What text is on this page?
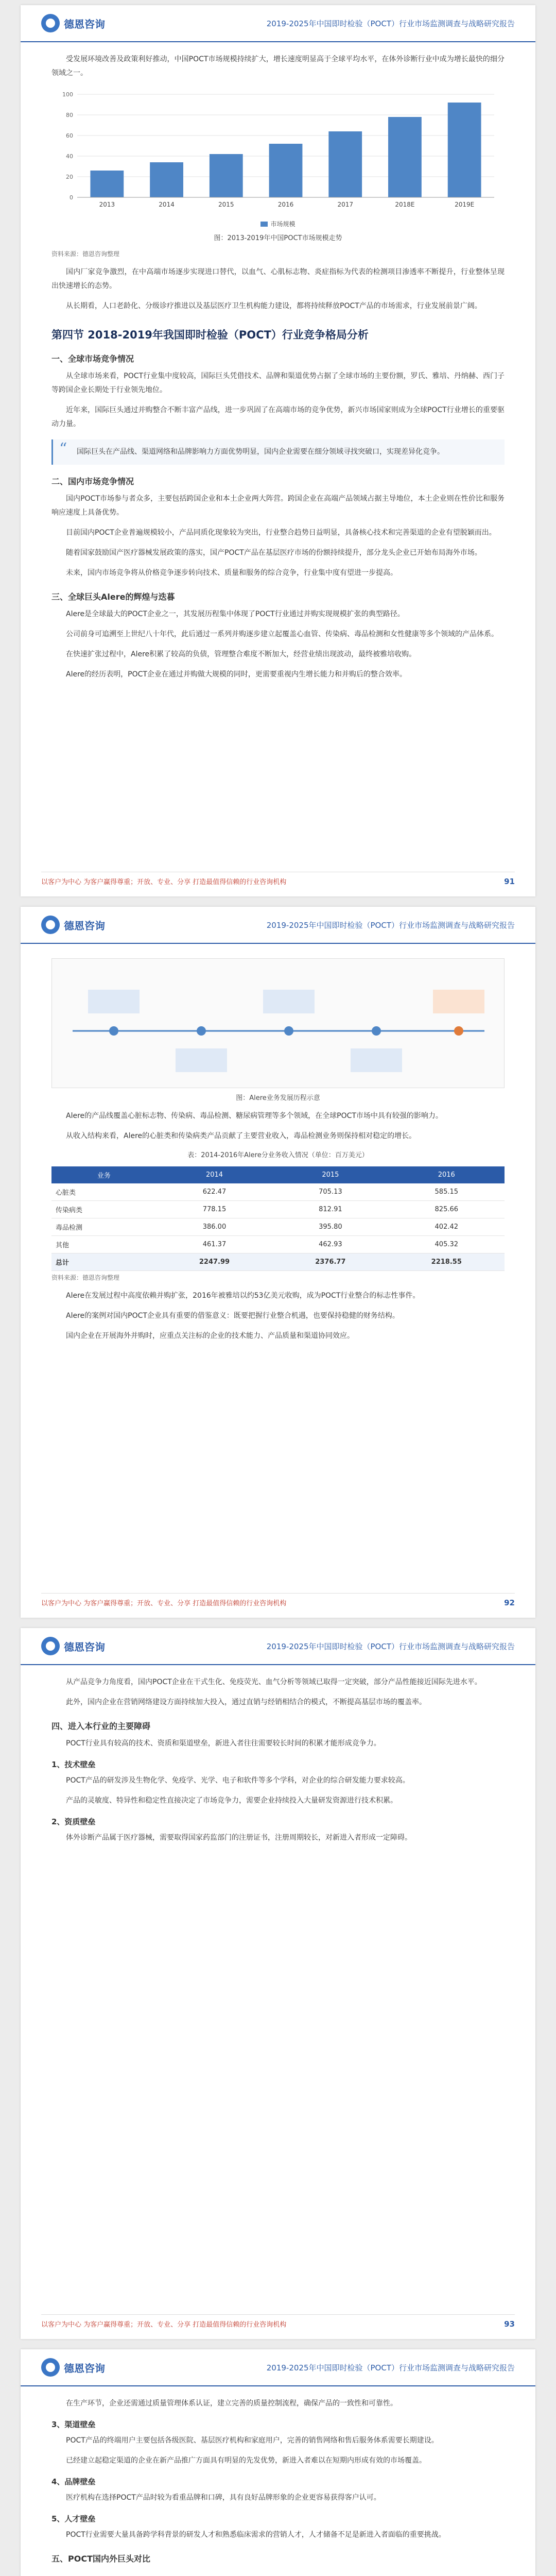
德恩咨询	2019-2025年中国即时检验（POCT）行业市场监测调查与战略研究报告

受发展环境改善及政策利好推动，中国POCT市场规模持续扩大，增长速度明显高于全球平均水平，在体外诊断行业中成为增长最快的细分领域之一。

0
20
40
60
80
100
2013	2014	2015	2016	2017	2018E	2019E
市场规模
图：2013-2019年中国POCT市场规模走势
资料来源：德恩咨询整理

国内厂家竞争激烈，在中高端市场逐步实现进口替代，以血气、心肌标志物、炎症指标为代表的检测项目渗透率不断提升，行业整体呈现出快速增长的态势。

从长期看，人口老龄化、分级诊疗推进以及基层医疗卫生机构能力建设，都将持续释放POCT产品的市场需求，行业发展前景广阔。

第四节 2018-2019年我国即时检验（POCT）行业竞争格局分析
一、全球市场竞争情况

从全球市场来看，POCT行业集中度较高，国际巨头凭借技术、品牌和渠道优势占据了全球市场的主要份额，罗氏、雅培、丹纳赫、西门子等跨国企业长期处于行业领先地位。

近年来，国际巨头通过并购整合不断丰富产品线，进一步巩固了在高端市场的竞争优势，新兴市场国家则成为全球POCT行业增长的重要驱动力量。

“ 国际巨头在产品线、渠道网络和品牌影响力方面优势明显，国内企业需要在细分领域寻找突破口，实现差异化竞争。
二、国内市场竞争情况

国内POCT市场参与者众多，主要包括跨国企业和本土企业两大阵营。跨国企业在高端产品领域占据主导地位，本土企业则在性价比和服务响应速度上具备优势。

目前国内POCT企业普遍规模较小，产品同质化现象较为突出，行业整合趋势日益明显，具备核心技术和完善渠道的企业有望脱颖而出。

随着国家鼓励国产医疗器械发展政策的落实，国产POCT产品在基层医疗市场的份额持续提升，部分龙头企业已开始布局海外市场。

未来，国内市场竞争将从价格竞争逐步转向技术、质量和服务的综合竞争，行业集中度有望进一步提高。

三、全球巨头Alere的辉煌与迭暮

Alere是全球最大的POCT企业之一，其发展历程集中体现了POCT行业通过并购实现规模扩张的典型路径。

公司前身可追溯至上世纪八十年代，此后通过一系列并购逐步建立起覆盖心血管、传染病、毒品检测和女性健康等多个领域的产品体系。

在快速扩张过程中，Alere积累了较高的负债，管理整合难度不断加大，经营业绩出现波动，最终被雅培收购。

Alere的经历表明，POCT企业在通过并购做大规模的同时，更需要重视内生增长能力和并购后的整合效率。

以客户为中心 为客户赢得尊重；开放、专业、分享 打造最值得信赖的行业咨询机构	91
德恩咨询	2019-2025年中国即时检验（POCT）行业市场监测调查与战略研究报告
图：Alere业务发展历程示意

Alere的产品线覆盖心脏标志物、传染病、毒品检测、糖尿病管理等多个领域，在全球POCT市场中具有较强的影响力。

从收入结构来看，Alere的心脏类和传染病类产品贡献了主要营业收入，毒品检测业务则保持相对稳定的增长。

表：2014-2016年Alere分业务收入情况（单位：百万美元）
业务	2014	2015	2016
心脏类	622.47	705.13	585.15
传染病类	778.15	812.91	825.66
毒品检测	386.00	395.80	402.42
其他	461.37	462.93	405.32
总计	2247.99	2376.77	2218.55
资料来源：德恩咨询整理

Alere在发展过程中高度依赖并购扩张，2016年被雅培以约53亿美元收购，成为POCT行业整合的标志性事件。

Alere的案例对国内POCT企业具有重要的借鉴意义：既要把握行业整合机遇，也要保持稳健的财务结构。

国内企业在开展海外并购时，应重点关注标的企业的技术能力、产品质量和渠道协同效应。

以客户为中心 为客户赢得尊重；开放、专业、分享 打造最值得信赖的行业咨询机构	92
德恩咨询	2019-2025年中国即时检验（POCT）行业市场监测调查与战略研究报告

从产品竞争力角度看，国内POCT企业在干式生化、免疫荧光、血气分析等领域已取得一定突破，部分产品性能接近国际先进水平。

此外，国内企业在营销网络建设方面持续加大投入，通过直销与经销相结合的模式，不断提高基层市场的覆盖率。

四、进入本行业的主要障碍

POCT行业具有较高的技术、资质和渠道壁垒，新进入者往往需要较长时间的积累才能形成竞争力。

1、技术壁垒

POCT产品的研发涉及生物化学、免疫学、光学、电子和软件等多个学科，对企业的综合研发能力要求较高。

产品的灵敏度、特异性和稳定性直接决定了市场竞争力，需要企业持续投入大量研发资源进行技术积累。

2、资质壁垒

体外诊断产品属于医疗器械，需要取得国家药监部门的注册证书，注册周期较长，对新进入者形成一定障碍。

以客户为中心 为客户赢得尊重；开放、专业、分享 打造最值得信赖的行业咨询机构	93
德恩咨询	2019-2025年中国即时检验（POCT）行业市场监测调查与战略研究报告

在生产环节，企业还需通过质量管理体系认证，建立完善的质量控制流程，确保产品的一致性和可靠性。

3、渠道壁垒

POCT产品的终端用户主要包括各级医院、基层医疗机构和家庭用户，完善的销售网络和售后服务体系需要长期建设。

已经建立起稳定渠道的企业在新产品推广方面具有明显的先发优势，新进入者难以在短期内形成有效的市场覆盖。

4、品牌壁垒

医疗机构在选择POCT产品时较为看重品牌和口碑，具有良好品牌形象的企业更容易获得客户认可。

5、人才壁垒

POCT行业需要大量具备跨学科背景的研发人才和熟悉临床需求的营销人才，人才储备不足是新进入者面临的重要挑战。

五、POCT国内外巨头对比
